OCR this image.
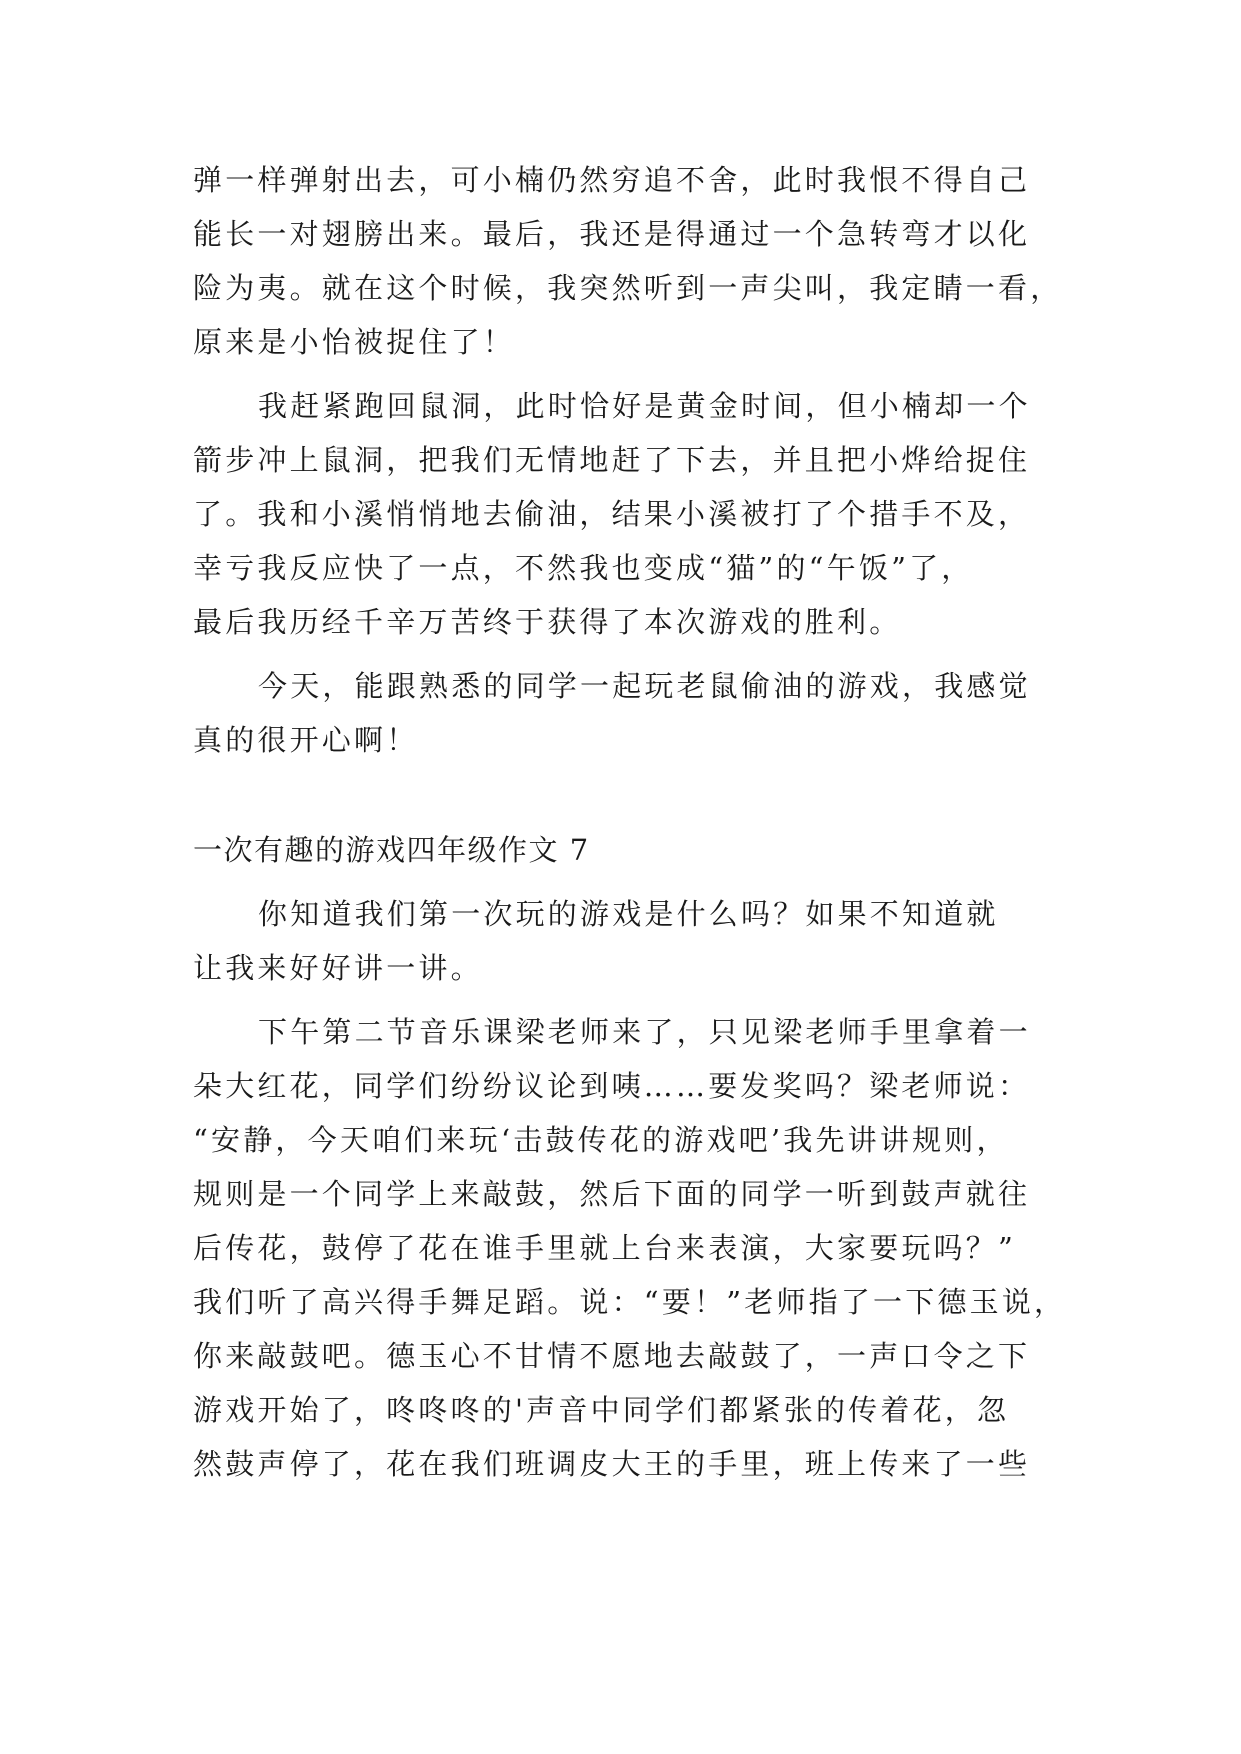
弹一样弹射出去，可小楠仍然穷追不舍，此时我恨不得自己
能长一对翅膀出来。最后，我还是得通过一个急转弯才以化
险为夷。就在这个时候，我突然听到一声尖叫，我定睛一看，
原来是小怡被捉住了！
我赶紧跑回鼠洞，此时恰好是黄金时间，但小楠却一个
箭步冲上鼠洞，把我们无情地赶了下去，并且把小烨给捉住
了。我和小溪悄悄地去偷油，结果小溪被打了个措手不及，
幸亏我反应快了一点，不然我也变成“猫”的“午饭”了，
最后我历经千辛万苦终于获得了本次游戏的胜利。
今天，能跟熟悉的同学一起玩老鼠偷油的游戏，我感觉
真的很开心啊！
一次有趣的游戏四年级作文 7
你知道我们第一次玩的游戏是什么吗？如果不知道就
让我来好好讲一讲。
下午第二节音乐课梁老师来了，只见梁老师手里拿着一
朵大红花，同学们纷纷议论到咦……要发奖吗？梁老师说：
“安静，今天咱们来玩‘击鼓传花的游戏吧’我先讲讲规则，
规则是一个同学上来敲鼓，然后下面的同学一听到鼓声就往
后传花，鼓停了花在谁手里就上台来表演，大家要玩吗？”
我们听了高兴得手舞足蹈。说：“要！”老师指了一下德玉说，
你来敲鼓吧。德玉心不甘情不愿地去敲鼓了，一声口令之下
游戏开始了，咚咚咚的'声音中同学们都紧张的传着花，忽
然鼓声停了，花在我们班调皮大王的手里，班上传来了一些
